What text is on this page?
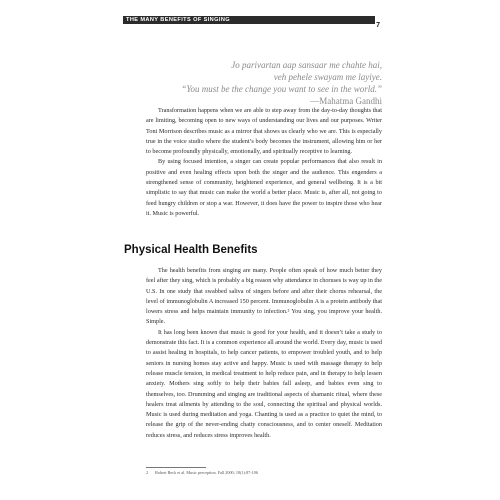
THE MANY BENEFITS OF SINGING
7
Jo parivartan aap sansaar me chahte hai,
veh pehele swayam me layiye.
“You must be the change you want to see in the world.”
—Mahatma Gandhi

Transformation happens when we are able to step away from the day-to-day thoughts that are limiting, becoming open to new ways of understanding our lives and our purposes. Writer Toni Morrison describes music as a mirror that shows us clearly who we are. This is especially true in the voice studio where the student’s body becomes the instrument, allowing him or her to become profoundly physically, emotionally, and spiritually receptive to learning.

By using focused intention, a singer can create popular performances that also result in positive and even healing effects upon both the singer and the audience. This engenders a strengthened sense of community, heightened experience, and general wellbeing. It is a bit simplistic to say that music can make the world a better place. Music is, after all, not going to feed hungry children or stop a war. However, it does have the power to inspire those who hear it. Music is powerful.

Physical Health Benefits

The health benefits from singing are many. People often speak of how much better they feel after they sing, which is probably a big reason why attendance in choruses is way up in the U.S. In one study that swabbed saliva of singers before and after their chorus rehearsal, the level of immunoglobulin A increased 150 percent. Immunoglobulin A is a protein antibody that lowers stress and helps maintain immunity to infection.² You sing, you improve your health. Simple.

It has long been known that music is good for your health, and it doesn’t take a study to demonstrate this fact. It is a common experience all around the world. Every day, music is used to assist healing in hospitals, to help cancer patients, to empower troubled youth, and to help seniors in nursing homes stay active and happy. Music is used with massage therapy to help release muscle tension, in medical treatment to help reduce pain, and in therapy to help lessen anxiety. Mothers sing softly to help their babies fall asleep, and babies even sing to themselves, too. Drumming and singing are traditional aspects of shamanic ritual, where these healers treat ailments by attending to the soul, connecting the spiritual and physical worlds. Music is used during meditation and yoga. Chanting is used as a practice to quiet the mind, to release the grip of the never-ending chatty consciousness, and to center oneself. Meditation reduces stress, and reduces stress improves health.

2 Robert Beck et al. Music perception. Fall 2000; 18(1):87-106
